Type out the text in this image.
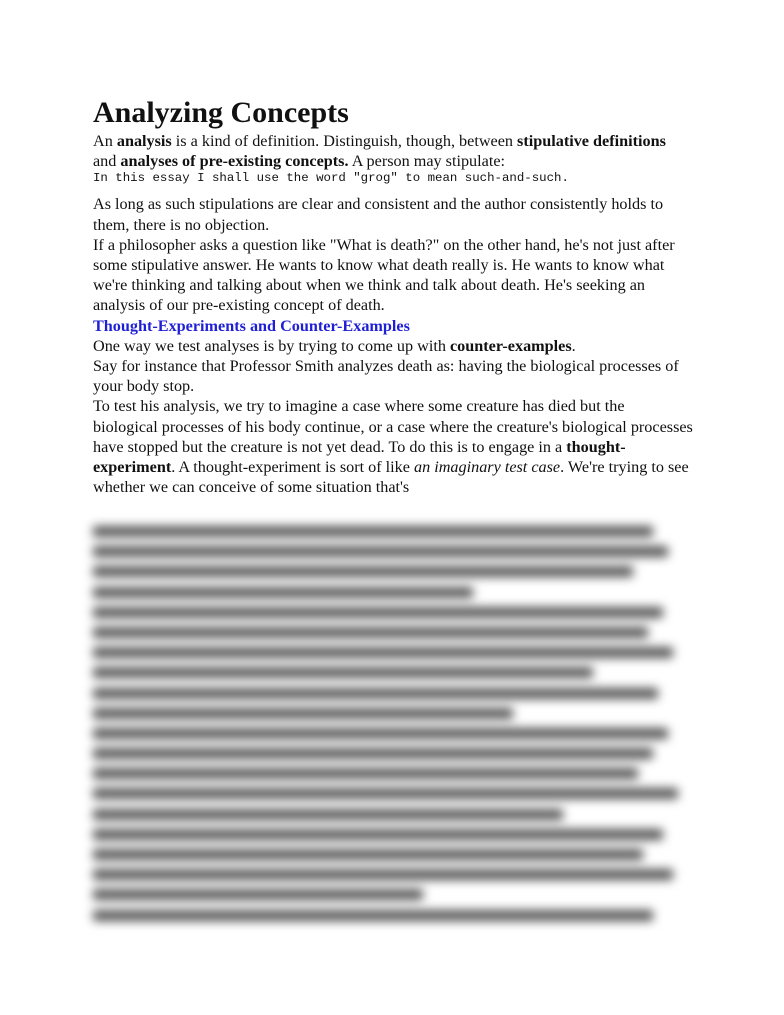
Analyzing Concepts

An analysis is a kind of definition. Distinguish, though, between stipulative definitions and analyses of pre-existing concepts. A person may stipulate:

In this essay I shall use the word "grog" to mean such-and-such.

As long as such stipulations are clear and consistent and the author consistently holds to them, there is no objection.

If a philosopher asks a question like "What is death?" on the other hand, he's not just after some stipulative answer. He wants to know what death really is. He wants to know what we're thinking and talking about when we think and talk about death. He's seeking an analysis of our pre-existing concept of death.

Thought-Experiments and Counter-Examples

One way we test analyses is by trying to come up with counter-examples.

Say for instance that Professor Smith analyzes death as: having the biological processes of your body stop.

To test his analysis, we try to imagine a case where some creature has died but the biological processes of his body continue, or a case where the creature's biological processes have stopped but the creature is not yet dead. To do this is to engage in a thought-experiment. A thought-experiment is sort of like an imaginary test case. We're trying to see whether we can conceive of some situation that's
